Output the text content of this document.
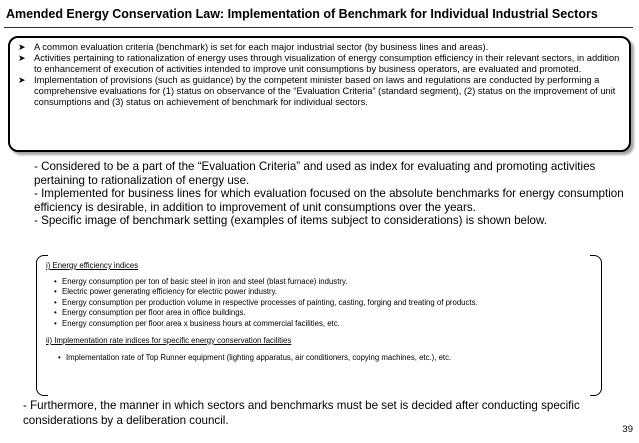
Amended Energy Conservation Law: Implementation of Benchmark for Individual Industrial Sectors
➤ A common evaluation criteria (benchmark) is set for each major industrial sector (by business lines and areas).
➤ Activities pertaining to rationalization of energy uses through visualization of energy consumption efficiency in their relevant sectors, in addition to enhancement of execution of activities intended to improve unit consumptions by business operators, are evaluated and promoted.
➤ Implementation of provisions (such as guidance) by the competent minister based on laws and regulations are conducted by performing a comprehensive evaluations for (1) status on observance of the “Evaluation Criteria” (standard segment), (2) status on the improvement of unit consumptions and (3) status on achievement of benchmark for individual sectors.

- Considered to be a part of the “Evaluation Criteria” and used as index for evaluating and promoting activities pertaining to rationalization of energy use.

- Implemented for business lines for which evaluation focused on the absolute benchmarks for energy consumption efficiency is desirable, in addition to improvement of unit consumptions over the years.

- Specific image of benchmark setting (examples of items subject to considerations) is shown below.

i) Energy efficiency indices
• Energy consumption per ton of basic steel in iron and steel (blast furnace) industry.
• Electric power generating efficiency for electric power industry.
• Energy consumption per production volume in respective processes of painting, casting, forging and treating of products.
• Energy consumption per floor area in office buildings.
• Energy consumption per floor area x business hours at commercial facilities, etc.
ii) Implementation rate indices for specific energy conservation facilities
• Implementation rate of Top Runner equipment (lighting apparatus, air conditioners, copying machines, etc.), etc.
- Furthermore, the manner in which sectors and benchmarks must be set is decided after conducting specific considerations by a deliberation council.
39
